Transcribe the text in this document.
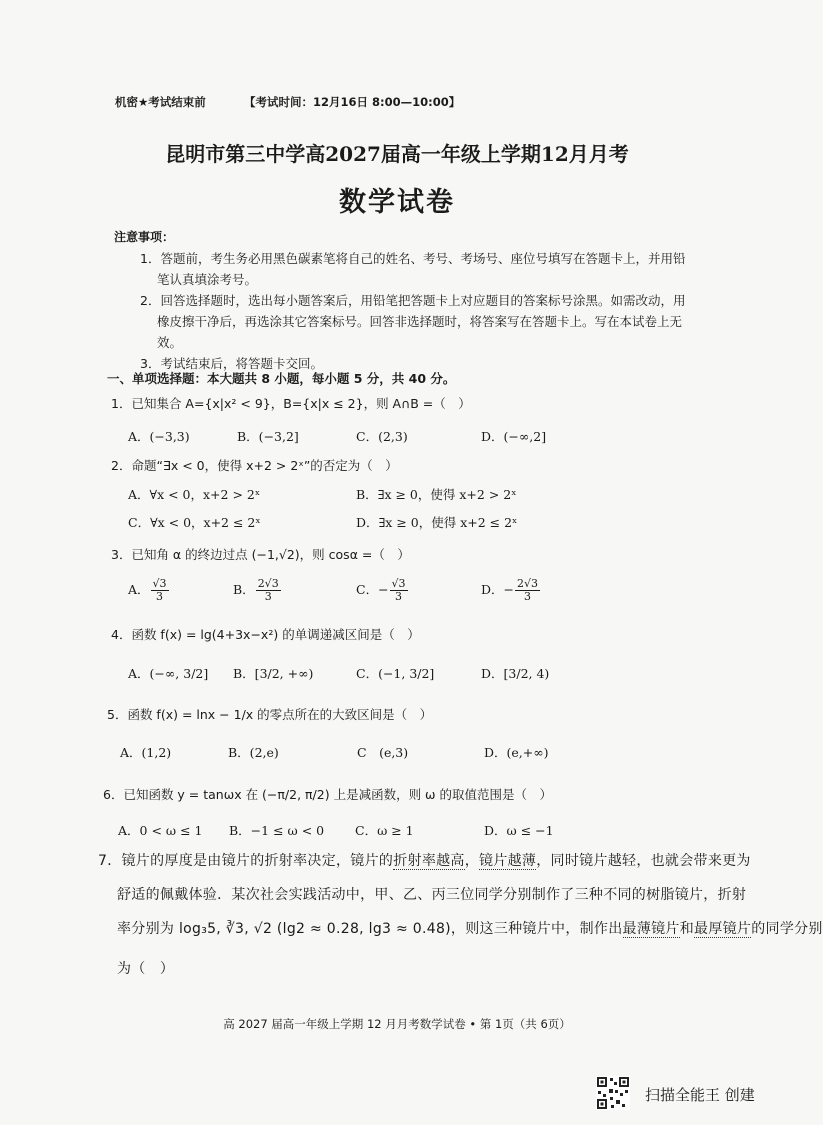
机密★考试结束前	【考试时间：12月16日 8:00—10:00】
昆明市第三中学高2027届高一年级上学期12月月考
数学试卷
注意事项：
1．答题前，考生务必用黑色碳素笔将自己的姓名、考号、考场号、座位号填写在答题卡上，并用铅
笔认真填涂考号。
2．回答选择题时，选出每小题答案后，用铅笔把答题卡上对应题目的答案标号涂黑。如需改动，用
橡皮擦干净后，再选涂其它答案标号。回答非选择题时，将答案写在答题卡上。写在本试卷上无
效。
3．考试结束后，将答题卡交回。
一、单项选择题：本大题共 8 小题，每小题 5 分，共 40 分。
1．已知集合 A={x|x² < 9}，B={x|x ≤ 2}，则 A∩B =（　）
A．(−3,3)	B．(−3,2]	C．(2,3)	D．(−∞,2]
2．命题“∃x < 0，使得 x+2 > 2ˣ”的否定为（　）
A．∀x < 0，x+2 > 2ˣ	B．∃x ≥ 0，使得 x+2 > 2ˣ
C．∀x < 0，x+2 ≤ 2ˣ	D．∃x ≥ 0，使得 x+2 ≤ 2ˣ
3．已知角 α 的终边过点 (−1,√2)，则 cosα =（　）
A． $\frac{√3}{3}$	B． $\frac{2√3}{3}$	C．− $\frac{√3}{3}$	D．− $\frac{2√3}{3}$
4．函数 f(x) = lg(4+3x−x²) 的单调递减区间是（　）
A．(−∞, 3/2] B．[3/2, +∞)	C．(−1, 3/2]	D．[3/2, 4)
5．函数 f(x) = lnx − 1/x 的零点所在的大致区间是（　）
A．(1,2)	B．(2,e)	C　(e,3)	D．(e,+∞)
6．已知函数 y = tanωx 在 (−π/2, π/2) 上是减函数，则 ω 的取值范围是（　）
A．0 < ω ≤ 1 B．−1 ≤ ω < 0 C．ω ≥ 1	D．ω ≤ −1
7．镜片的厚度是由镜片的折射率决定，镜片的折射率越高，镜片越薄，同时镜片越轻，也就会带来更为
舒适的佩戴体验．某次社会实践活动中，甲、乙、丙三位同学分别制作了三种不同的树脂镜片，折射
率分别为 log₃5, ∛3, √2 (lg2 ≈ 0.28, lg3 ≈ 0.48)，则这三种镜片中，制作出最薄镜片和最厚镜片的同学分别
为（　）
高 2027 届高一年级上学期 12 月月考数学试卷 • 第 1页（共 6页）
扫描全能王 创建
